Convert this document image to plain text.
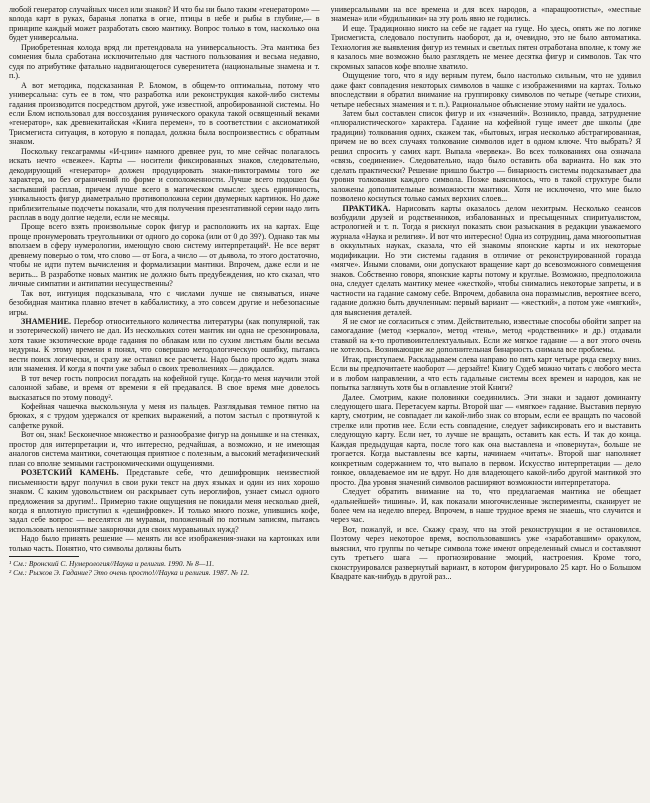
любой генератор случайных чисел или знаков? И что бы ни было таким «генератором» — колода карт в руках, баранья лопатка в огне, птицы в небе и рыбы в глубине,— в принципе каждый может разработать свою мантику. Вопрос только в том, насколько она будет универсальна.

Приобретенная колода вряд ли претендовала на универсальность. Эта мантика без сомнения была сработана исключительно для частного пользования и весьма недавно, судя по атрибутике фатально надвигающегося суверенитета (национальные знамена и т. п.).

А вот методика, подсказанная Р. Бломом, в общем-то оптимальна, потому что универсальна: суть ее в том, что разработка или реконструкция какой-либо системы гадания производится посредством другой, уже известной, апробированной системы. Но если Блом использовал для воссоздания рунического оракула такой освященный веками «генератор», как древнекитайская «Книга перемен», то в соответствии с аксиоматикой Трисмегиста ситуация, в которую я попадал, должна была воспроизвестись с обратным знаком.

Поскольку гексаграммы «И-цзин» намного древнее рун, то мне сейчас полагалось искать нечто «свежее». Карты — носители фиксированных знаков, следовательно, декодирующий «генератор» должен продуцировать знаки-пиктограммы того же характера, но без ограничений по форме и соположенности. Лучше всего подошел бы застывший расплав, причем лучше всего в магическом смысле: здесь единичность, уникальность фигур диаметрально противоположна серии двумерных картинок. Но даже приблизительные подсчеты показали, что для получения презентативной серии надо лить расплав в воду долгие недели, если не месяцы.

Проще всего взять произвольные сорок фигур и расположить их на картах. Еще проще пронумеровать треугольники от одного до сорока (или от 0 до 39?). Однако так мы вползаем в сферу нумерологии, имеющую свою систему интерпретаций¹. Не все верят древнему поверью о том, что слово — от Бога, а число — от дьявола, то этого достаточно, чтобы не идти путем вычисления и формализации мантики. Впрочем, даже если и не верить... В разработке новых мантик не должно быть предубеждения, но кто сказал, что личные симпатии и антипатии несущественны?

Так вот, интуиция подсказывала, что с числами лучше не связываться, иначе безобидная мантика плавно втечет в каббалистику, а это совсем другие и небезопасные игры.

ЗНАМЕНИЕ. Перебор относительного количества литературы (как популярной, так и эзотерической) ничего не дал. Из нескольких сотен мантик ни одна не срезонировала, хотя такие экзотические вроде гадания по облакам или по сухим листьям были весьма недурны. К этому времени я понял, что совершаю методологическую ошибку, пытаясь вести поиск логически, и сразу же оставил все расчеты. Надо было просто ждать знака или знамения. И когда я почти уже забыл о своих треволнениях — дождался.

В тот вечер гость попросил погадать на кофейной гуще. Когда-то меня научили этой салонной забаве, и время от времени я ей предавался. В свое время мне довелось высказаться по этому поводу².

Кофейная чашечка выскользнула у меня из пальцев. Разглядывая темное пятно на брюках, я с трудом удержался от крепких выражений, а потом застыл с протянутой к салфетке рукой.

Вот он, знак! Бесконечное множество и разнообразие фигур на донышке и на стенках, простор для интерпретации и, что интересно, редчайшая, а возможно, и не имеющая аналогов система мантики, сочетающая приятное с полезным, а высокий метафизический план со вполне земными гастрономическими ощущениями.

РОЗЕТСКИЙ КАМЕНЬ. Представьте себе, что дешифровщик неизвестной письменности вдруг получил в свои руки текст на двух языках и один из них хорошо знаком. С каким удовольствием он раскрывает суть иероглифов, узнает смысл одного предложения за другим!.. Примерно такие ощущения не покидали меня несколько дней, когда я вплотную приступил к «дешифровке». И только много позже, упившись кофе, задал себе вопрос — веселятся ли муравьи, положенный по потным записям, пытаясь использовать непонятные закорючки для своих муравьиных нужд?

Надо было принять решение — менять ли все изображения-знаки на картонках или только часть. Понятно, что символы должны быть

¹ См.: Вронский С. Нумерология//Наука и религия. 1990. № 8—11.

² См.: Рыжов Э. Гадание? Это очень просто!//Наука и религия. 1987. № 12.

универсальными на все времена и для всех народов, а «паращюотисты», «местные знамена» или «будильники» на эту роль явно не годились.

И еще. Традиционно никто на себе не гадает на гуще. Но здесь, опять же по логике Трисмегиста, следовало поступить наоборот, да и, очевидно, это не было автоматика. Технология же выявления фигур из темных и светлых пятен отработана вполне, к тому же я казалось мне возможно было разглядеть не менее десятка фигур и символов. Так что скромных запасов кофе вполне хватило.

Ощущение того, что я иду верным путем, было настолько сильным, что не удивил даже факт совпадения некоторых символов в чашке с изображениями на картах. Только впоследствии я обратил внимание на группировку символов по четыре (четыре стихии, четыре небесных знамения и т. п.). Рациональное объяснение этому найти не удалось.

Затем был составлен список фигур и их «значений». Возникло, правда, затруднение «плюралистического» характера. Гадание на кофейной гуще имеет две школы (две традиции) толкования одних, скажем так, «бытовых, играя несколько абстрагированная, причем не во всех случаях толкование символов идет в одном ключе. Что выбрать? Я решил спросить у самих карт. Выпала «вервека». Во всех толкованиях она означала «связь, соединение». Следовательно, надо было оставить оба варианта. Но как это сделать практически? Решение пришло быстро — бинарность системы подсказывает два уровня толкования каждого символа. Позже выяснилось, что в такой структуре были заложены дополнительные возможности мантики. Хотя не исключено, что мне было позволено коснуться только самых верхних слоев...

ПРАКТИКА. Нарисовать карты оказалось делом нехитрым. Несколько сеансов возбудили друзей и родственников, избалованных и пресыщенных спиритуалистом, астрологией и т. п. Тогда я рискнул показать свои разыскания в редакции уважаемого журнала «Наука и религия». И вот что интересно! Одна из сотрудниц, дама многоопытная в оккультных науках, сказала, что ей знакомы японские карты и их некоторые модификации. Но эти системы гадания в отличие от реконструированной горазда «мягче». Иными словами, они допускают вращение карт до всевозможного совмещения знаков. Собственно говоря, японские карты потому и круглые. Возможно, предположила она, следует сделать мантику менее «жесткой», чтобы снимались некоторые запреты, и в частности на гадание самому себе. Впрочем, добавила она поразмыслив, вероятнее всего, гадание должно быть двучленным: первый вариант — «жесткий», а потом уже «мягкий», для выяснения деталей.

Я не смог не согласиться с этим. Действительно, известные способы обойти запрет на самогадание (метод «зеркало», метод «тень», метод «родственник» и др.) отдавали ставкой на к-то противоинтеллектуальных. Если же мягкое гадание — а вот этого очень не хотелось. Возникающие же дополнительная бинарность снимала все проблемы.

Итак, приступаем. Раскладываем слева направо по пять карт четыре ряда сверху вниз. Если вы предпочитаете наоборот — дерзайте! Книгу Судеб можно читать с любого места и в любом направлении, а что есть гадальные системы всех времен и народов, как не попытка заглянуть хотя бы в оглавление этой Книги?

Далее. Смотрим, какие половинки соединились. Эти знаки и задают доминанту следующего шага. Перетасуем карты. Второй шаг — «мягкое» гадание. Выставив первую карту, смотрим, не совпадает ли какой-либо знак со вторым, если ее вращать по часовой стрелке или против нее. Если есть совпадение, следует зафиксировать его и выставить следующую карту. Если нет, то лучше не вращать, оставить как есть. И так до конца. Каждая предыдущая карта, после того как она выставлена и «повернута», больше не трогается. Когда выставлены все карты, начинаем «читать». Второй шаг наполняет конкретным содержанием то, что выпало в первом. Искусство интерпретации — дело тонкое, овладеваемое им не вдруг. Но для владеющего какой-либо другой мантикой это просто. Два уровня значений символов расширяют возможности интерпретатора.

Следует обратить внимание на то, что предлагаемая мантика не обещает «дальнейшей» тишины». И, как показали многочисленные эксперименты, сканирует не более чем на неделю вперед. Впрочем, в наше трудное время не знаешь, что случится и через час.

Вот, пожалуй, и все. Скажу сразу, что на этой реконструкции я не остановился. Поэтому через некоторое время, воспользовавшись уже «заработавшим» оракулом, выяснил, что группы по четыре символа тоже имеют определенный смысл и составляют суть третьего шага — прогнозирование эмоций, настроения. Кроме того, сконструировался развернутый вариант, в котором фигурировало 25 карт. Но о Большом Квадрате как-нибудь в другой раз...
